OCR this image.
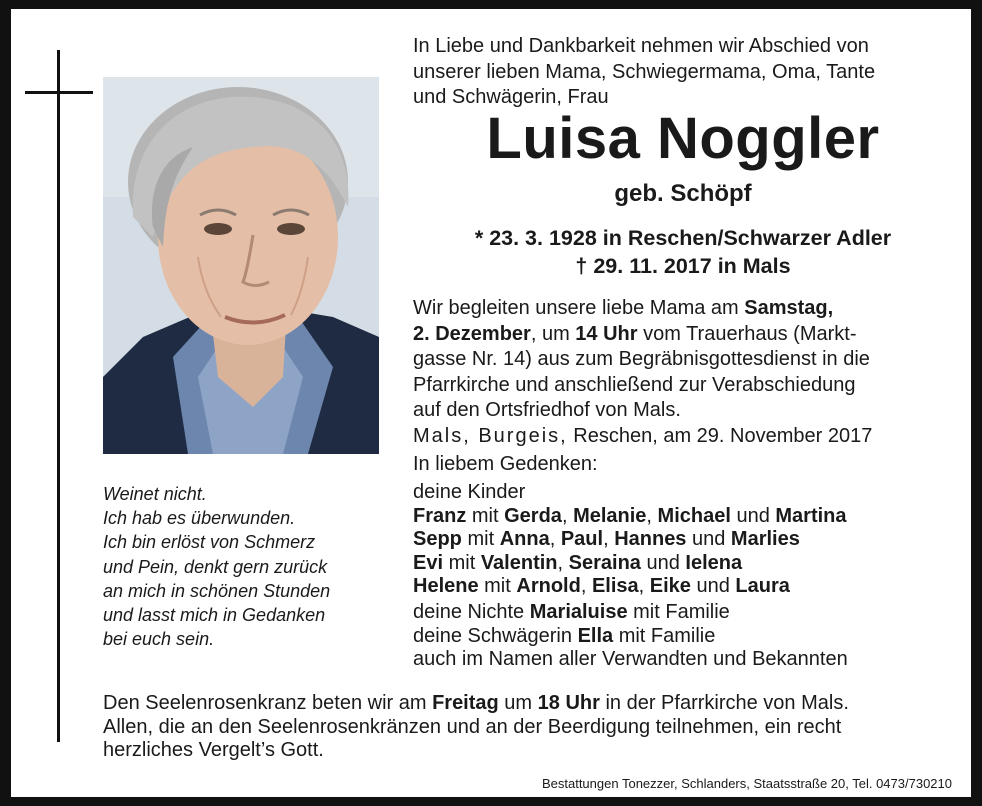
Weinet nicht.
Ich hab es überwunden.
Ich bin erlöst von Schmerz
und Pein, denkt gern zurück
an mich in schönen Stunden
und lasst mich in Gedanken
bei euch sein.
In Liebe und Dankbarkeit nehmen wir Abschied von
unserer lieben Mama, Schwiegermama, Oma, Tante
und Schwägerin, Frau
Luisa Noggler
geb. Schöpf
* 23. 3. 1928 in Reschen/Schwarzer Adler
† 29. 11. 2017 in Mals
Wir begleiten unsere liebe Mama am Samstag,
2. Dezember, um 14 Uhr vom Trauerhaus (Markt-
gasse Nr. 14) aus zum Begräbnisgottesdienst in die
Pfarrkirche und anschließend zur Verabschiedung
auf den Ortsfriedhof von Mals.
Mals, Burgeis, Reschen, am 29. November 2017
In liebem Gedenken:
deine Kinder
Franz mit Gerda, Melanie, Michael und Martina
Sepp mit Anna, Paul, Hannes und Marlies
Evi mit Valentin, Seraina und Ielena
Helene mit Arnold, Elisa, Eike und Laura
deine Nichte Marialuise mit Familie
deine Schwägerin Ella mit Familie
auch im Namen aller Verwandten und Bekannten
Den Seelenrosenkranz beten wir am Freitag um 18 Uhr in der Pfarrkirche von Mals.
Allen, die an den Seelenrosenkränzen und an der Beerdigung teilnehmen, ein recht
herzliches Vergelt’s Gott.
Bestattungen Tonezzer, Schlanders, Staatsstraße 20, Tel. 0473/730210
